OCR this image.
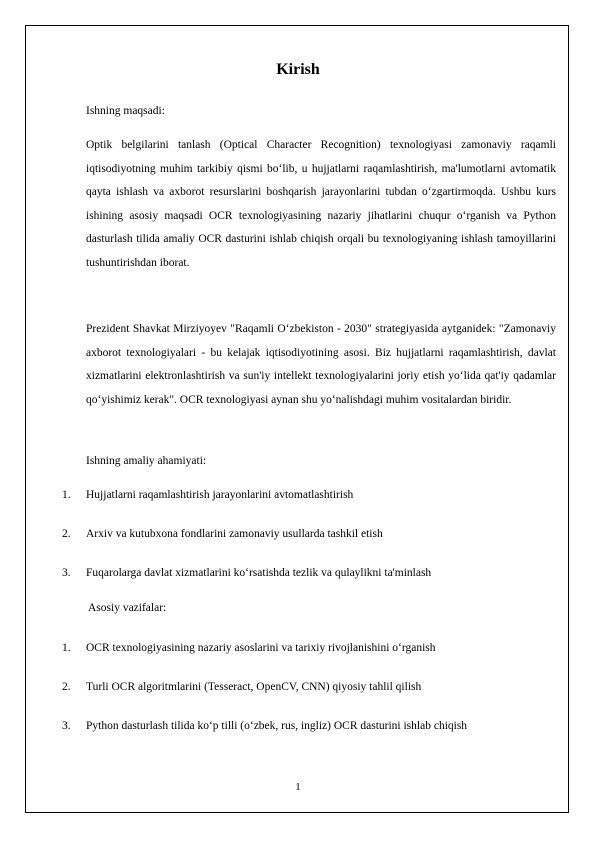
Kirish
Ishning maqsadi:
Optik belgilarini tanlash (Optical Character Recognition) texnologiyasi zamonaviy raqamli iqtisodiyotning muhim tarkibiy qismi bo‘lib, u hujjatlarni raqamlashtirish, ma'lumotlarni avtomatik qayta ishlash va axborot resurslarini boshqarish jarayonlarini tubdan o‘zgartirmoqda. Ushbu kurs ishining asosiy maqsadi OCR texnologiyasining nazariy jihatlarini chuqur o‘rganish va Python dasturlash tilida amaliy OCR dasturini ishlab chiqish orqali bu texnologiyaning ishlash tamoyillarini tushuntirishdan iborat.
Prezident Shavkat Mirziyoyev "Raqamli O‘zbekiston - 2030" strategiyasida aytganidek: "Zamonaviy axborot texnologiyalari - bu kelajak iqtisodiyotining asosi. Biz hujjatlarni raqamlashtirish, davlat xizmatlarini elektronlashtirish va sun'iy intellekt texnologiyalarini joriy etish yo‘lida qat'iy qadamlar qo‘yishimiz kerak". OCR texnologiyasi aynan shu yo‘nalishdagi muhim vositalardan biridir.
Ishning amaliy ahamiyati:
1. Hujjatlarni raqamlashtirish jarayonlarini avtomatlashtirish
2. Arxiv va kutubxona fondlarini zamonaviy usullarda tashkil etish
3. Fuqarolarga davlat xizmatlarini ko‘rsatishda tezlik va qulaylikni ta'minlash
Asosiy vazifalar:
1. OCR texnologiyasining nazariy asoslarini va tarixiy rivojlanishini o‘rganish
2. Turli OCR algoritmlarini (Tesseract, OpenCV, CNN) qiyosiy tahlil qilish
3. Python dasturlash tilida ko‘p tilli (o‘zbek, rus, ingliz) OCR dasturini ishlab chiqish
1
